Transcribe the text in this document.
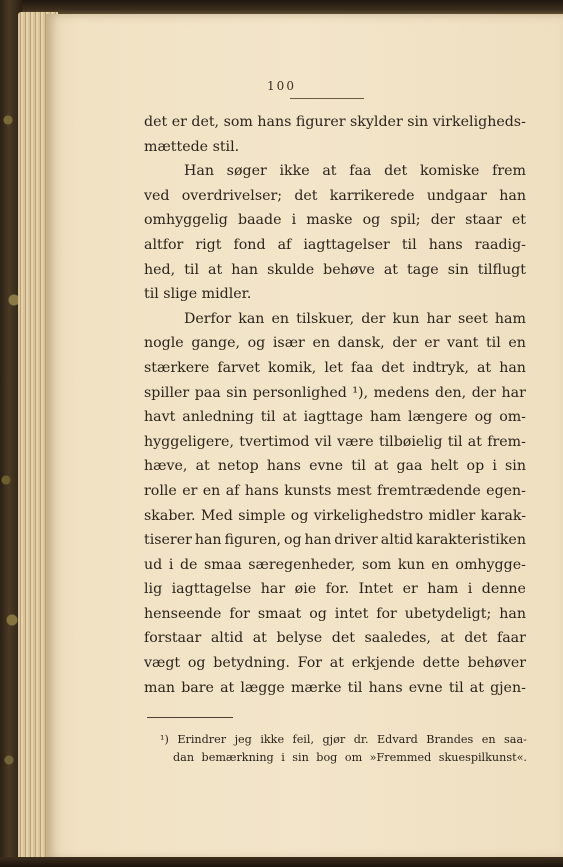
100
det er det, som hans figurer skylder sin virkeligheds-
mættede stil.
Han søger ikke at faa det komiske frem
ved overdrivelser; det karrikerede undgaar han
omhyggelig baade i maske og spil; der staar et
altfor rigt fond af iagttagelser til hans raadig-
hed, til at han skulde behøve at tage sin tilflugt
til slige midler.
Derfor kan en tilskuer, der kun har seet ham
nogle gange, og især en dansk, der er vant til en
stærkere farvet komik, let faa det indtryk, at han
spiller paa sin personlighed ¹), medens den, der har
havt anledning til at iagttage ham længere og om-
hyggeligere, tvertimod vil være tilbøielig til at frem-
hæve, at netop hans evne til at gaa helt op i sin
rolle er en af hans kunsts mest fremtrædende egen-
skaber. Med simple og virkelighedstro midler karak-
tiserer han figuren, og han driver altid karakteristiken
ud i de smaa særegenheder, som kun en omhygge-
lig iagttagelse har øie for. Intet er ham i denne
henseende for smaat og intet for ubetydeligt; han
forstaar altid at belyse det saaledes, at det faar
vægt og betydning. For at erkjende dette behøver
man bare at lægge mærke til hans evne til at gjen-
¹) Erindrer jeg ikke feil, gjør dr. Edvard Brandes en saa-
dan bemærkning i sin bog om »Fremmed skuespilkunst«.
